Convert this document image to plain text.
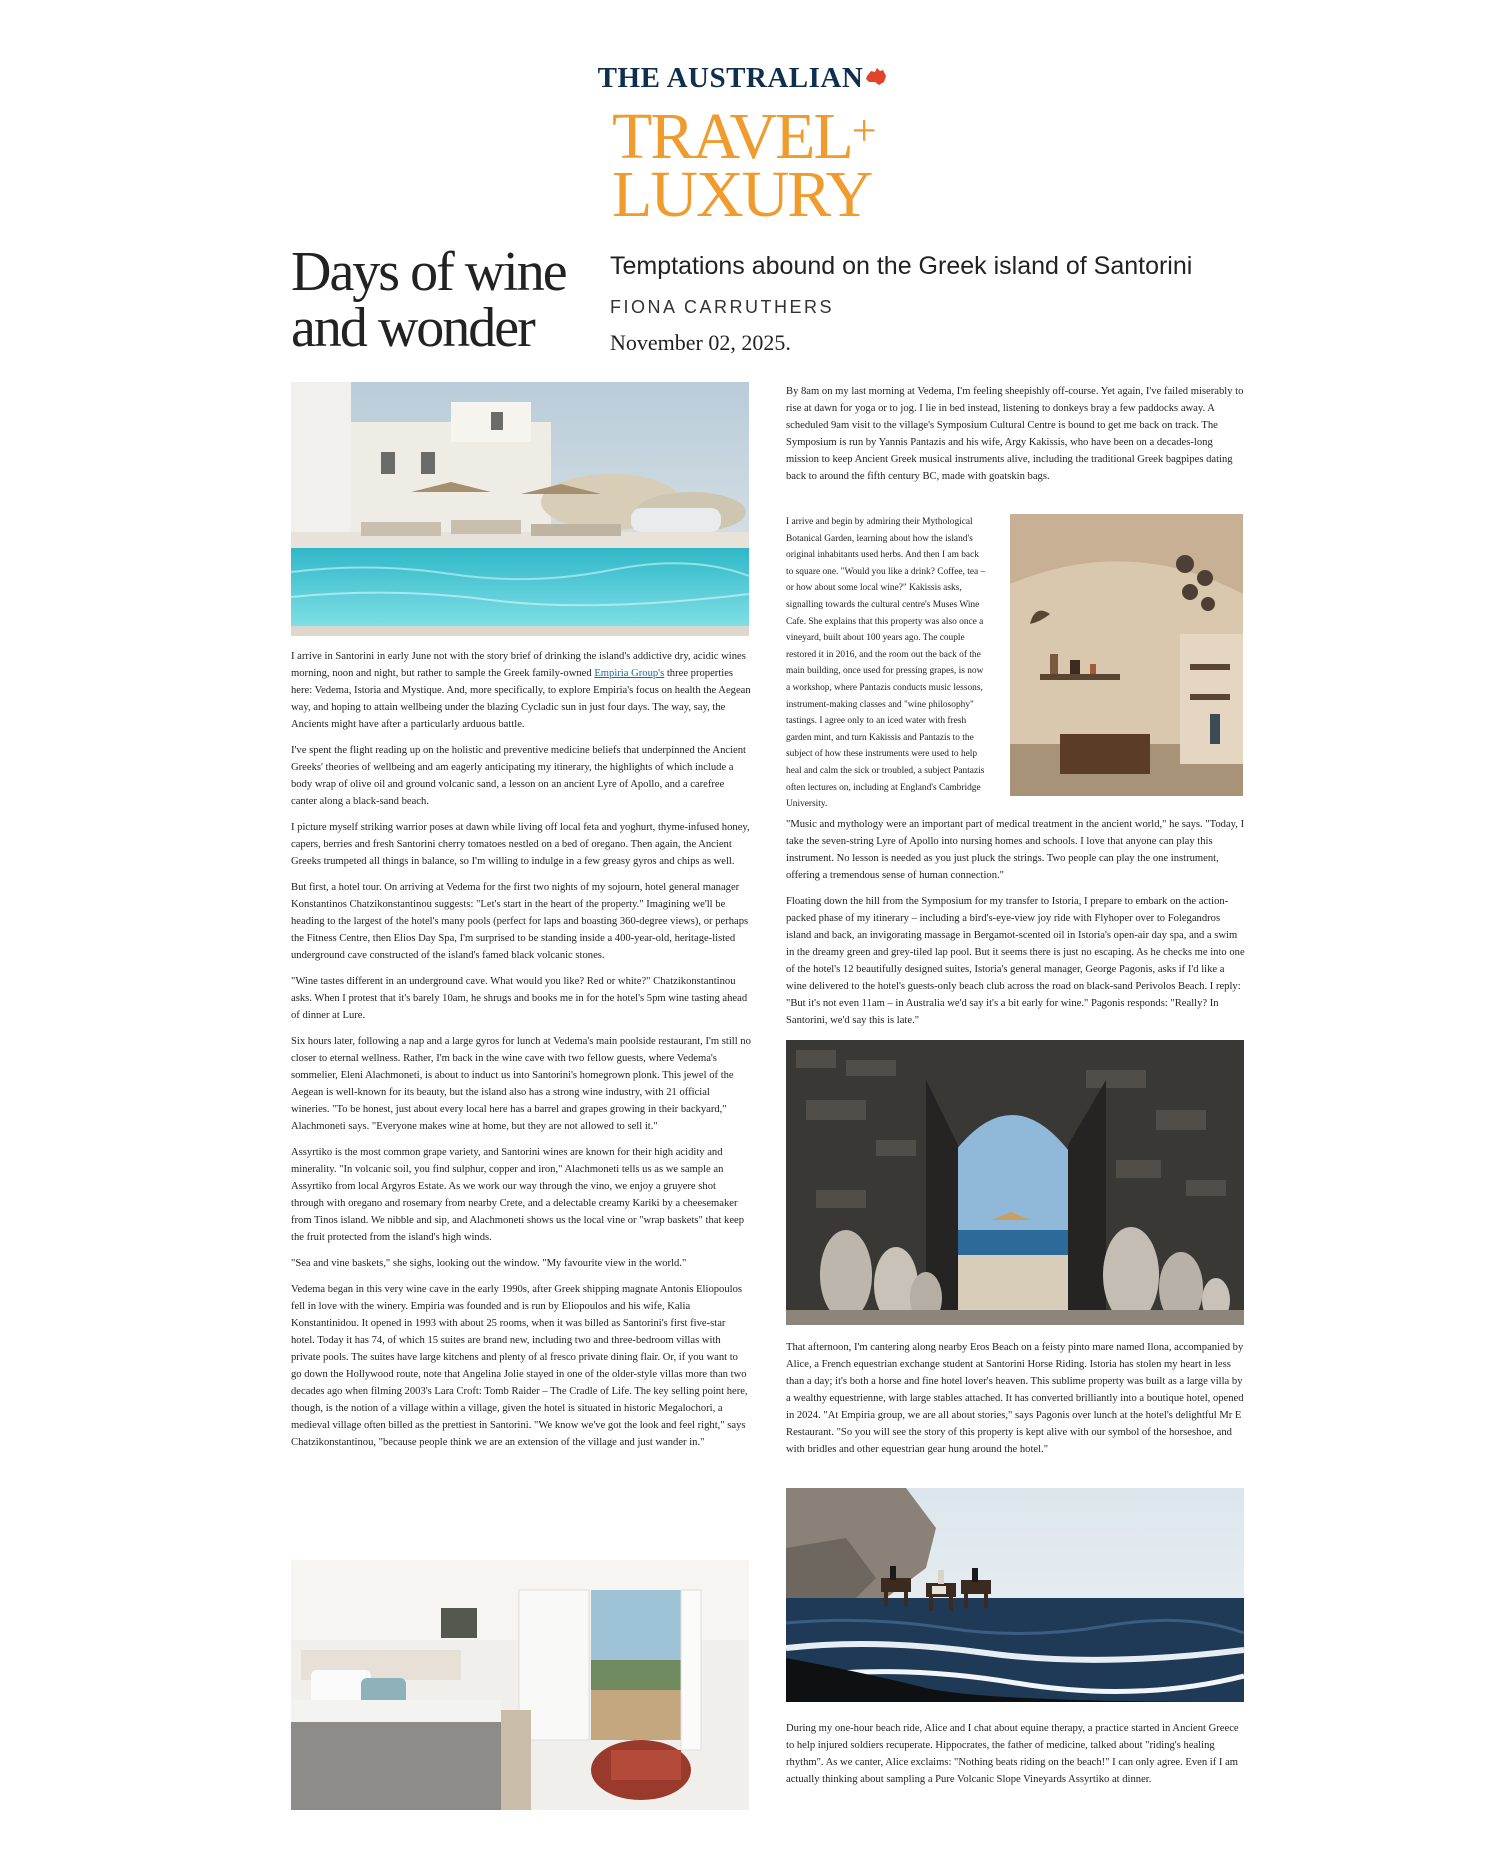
THE AUSTRALIAN
TRAVEL+
LUXURY
Days of wine and wonder
Temptations abound on the Greek island of Santorini
FIONA CARRUTHERS
November 02, 2025.

I arrive in Santorini in early June not with the story brief of drinking the island's addictive dry, acidic wines morning, noon and night, but rather to sample the Greek family-owned Empiria Group's three properties here: Vedema, Istoria and Mystique. And, more specifically, to explore Empiria's focus on health the Aegean way, and hoping to attain wellbeing under the blazing Cycladic sun in just four days. The way, say, the Ancients might have after a particularly arduous battle.

I've spent the flight reading up on the holistic and preventive medicine beliefs that underpinned the Ancient Greeks' theories of wellbeing and am eagerly anticipating my itinerary, the highlights of which include a body wrap of olive oil and ground volcanic sand, a lesson on an ancient Lyre of Apollo, and a carefree canter along a black-sand beach.

I picture myself striking warrior poses at dawn while living off local feta and yoghurt, thyme-infused honey, capers, berries and fresh Santorini cherry tomatoes nestled on a bed of oregano. Then again, the Ancient Greeks trumpeted all things in balance, so I'm willing to indulge in a few greasy gyros and chips as well.

But first, a hotel tour. On arriving at Vedema for the first two nights of my sojourn, hotel general manager Konstantinos Chatzikonstantinou suggests: "Let's start in the heart of the property." Imagining we'll be heading to the largest of the hotel's many pools (perfect for laps and boasting 360-degree views), or perhaps the Fitness Centre, then Elios Day Spa, I'm surprised to be standing inside a 400-year-old, heritage-listed underground cave constructed of the island's famed black volcanic stones.

"Wine tastes different in an underground cave. What would you like? Red or white?" Chatzikonstantinou asks. When I protest that it's barely 10am, he shrugs and books me in for the hotel's 5pm wine tasting ahead of dinner at Lure.

Six hours later, following a nap and a large gyros for lunch at Vedema's main poolside restaurant, I'm still no closer to eternal wellness. Rather, I'm back in the wine cave with two fellow guests, where Vedema's sommelier, Eleni Alachmoneti, is about to induct us into Santorini's homegrown plonk. This jewel of the Aegean is well-known for its beauty, but the island also has a strong wine industry, with 21 official wineries. "To be honest, just about every local here has a barrel and grapes growing in their backyard," Alachmoneti says. "Everyone makes wine at home, but they are not allowed to sell it."

Assyrtiko is the most common grape variety, and Santorini wines are known for their high acidity and minerality. "In volcanic soil, you find sulphur, copper and iron," Alachmoneti tells us as we sample an Assyrtiko from local Argyros Estate. As we work our way through the vino, we enjoy a gruyere shot through with oregano and rosemary from nearby Crete, and a delectable creamy Kariki by a cheesemaker from Tinos island. We nibble and sip, and Alachmoneti shows us the local vine or "wrap baskets" that keep the fruit protected from the island's high winds.

"Sea and vine baskets," she sighs, looking out the window. "My favourite view in the world."

Vedema began in this very wine cave in the early 1990s, after Greek shipping magnate Antonis Eliopoulos fell in love with the winery. Empiria was founded and is run by Eliopoulos and his wife, Kalia Konstantinidou. It opened in 1993 with about 25 rooms, when it was billed as Santorini's first five-star hotel. Today it has 74, of which 15 suites are brand new, including two and three-bedroom villas with private pools. The suites have large kitchens and plenty of al fresco private dining flair. Or, if you want to go down the Hollywood route, note that Angelina Jolie stayed in one of the older-style villas more than two decades ago when filming 2003's Lara Croft: Tomb Raider – The Cradle of Life. The key selling point here, though, is the notion of a village within a village, given the hotel is situated in historic Megalochori, a medieval village often billed as the prettiest in Santorini. "We know we've got the look and feel right," says Chatzikonstantinou, "because people think we are an extension of the village and just wander in."

By 8am on my last morning at Vedema, I'm feeling sheepishly off-course. Yet again, I've failed miserably to rise at dawn for yoga or to jog. I lie in bed instead, listening to donkeys bray a few paddocks away. A scheduled 9am visit to the village's Symposium Cultural Centre is bound to get me back on track. The Symposium is run by Yannis Pantazis and his wife, Argy Kakissis, who have been on a decades-long mission to keep Ancient Greek musical instruments alive, including the traditional Greek bagpipes dating back to around the fifth century BC, made with goatskin bags.

I arrive and begin by admiring their Mythological Botanical Garden, learning about how the island's original inhabitants used herbs. And then I am back to square one. "Would you like a drink? Coffee, tea – or how about some local wine?" Kakissis asks, signalling towards the cultural centre's Muses Wine Cafe. She explains that this property was also once a vineyard, built about 100 years ago. The couple restored it in 2016, and the room out the back of the main building, once used for pressing grapes, is now a workshop, where Pantazis conducts music lessons, instrument-making classes and "wine philosophy" tastings. I agree only to an iced water with fresh garden mint, and turn Kakissis and Pantazis to the subject of how these instruments were used to help heal and calm the sick or troubled, a subject Pantazis often lectures on, including at England's Cambridge University.

"Music and mythology were an important part of medical treatment in the ancient world," he says. "Today, I take the seven-string Lyre of Apollo into nursing homes and schools. I love that anyone can play this instrument. No lesson is needed as you just pluck the strings. Two people can play the one instrument, offering a tremendous sense of human connection."

Floating down the hill from the Symposium for my transfer to Istoria, I prepare to embark on the action-packed phase of my itinerary – including a bird's-eye-view joy ride with Flyhoper over to Folegandros island and back, an invigorating massage in Bergamot-scented oil in Istoria's open-air day spa, and a swim in the dreamy green and grey-tiled lap pool. But it seems there is just no escaping. As he checks me into one of the hotel's 12 beautifully designed suites, Istoria's general manager, George Pagonis, asks if I'd like a wine delivered to the hotel's guests-only beach club across the road on black-sand Perivolos Beach. I reply: "But it's not even 11am – in Australia we'd say it's a bit early for wine." Pagonis responds: "Really? In Santorini, we'd say this is late."

That afternoon, I'm cantering along nearby Eros Beach on a feisty pinto mare named Ilona, accompanied by Alice, a French equestrian exchange student at Santorini Horse Riding. Istoria has stolen my heart in less than a day; it's both a horse and fine hotel lover's heaven. This sublime property was built as a large villa by a wealthy equestrienne, with large stables attached. It has converted brilliantly into a boutique hotel, opened in 2024. "At Empiria group, we are all about stories," says Pagonis over lunch at the hotel's delightful Mr E Restaurant. "So you will see the story of this property is kept alive with our symbol of the horseshoe, and with bridles and other equestrian gear hung around the hotel."

During my one-hour beach ride, Alice and I chat about equine therapy, a practice started in Ancient Greece to help injured soldiers recuperate. Hippocrates, the father of medicine, talked about "riding's healing rhythm". As we canter, Alice exclaims: "Nothing beats riding on the beach!" I can only agree. Even if I am actually thinking about sampling a Pure Volcanic Slope Vineyards Assyrtiko at dinner.
